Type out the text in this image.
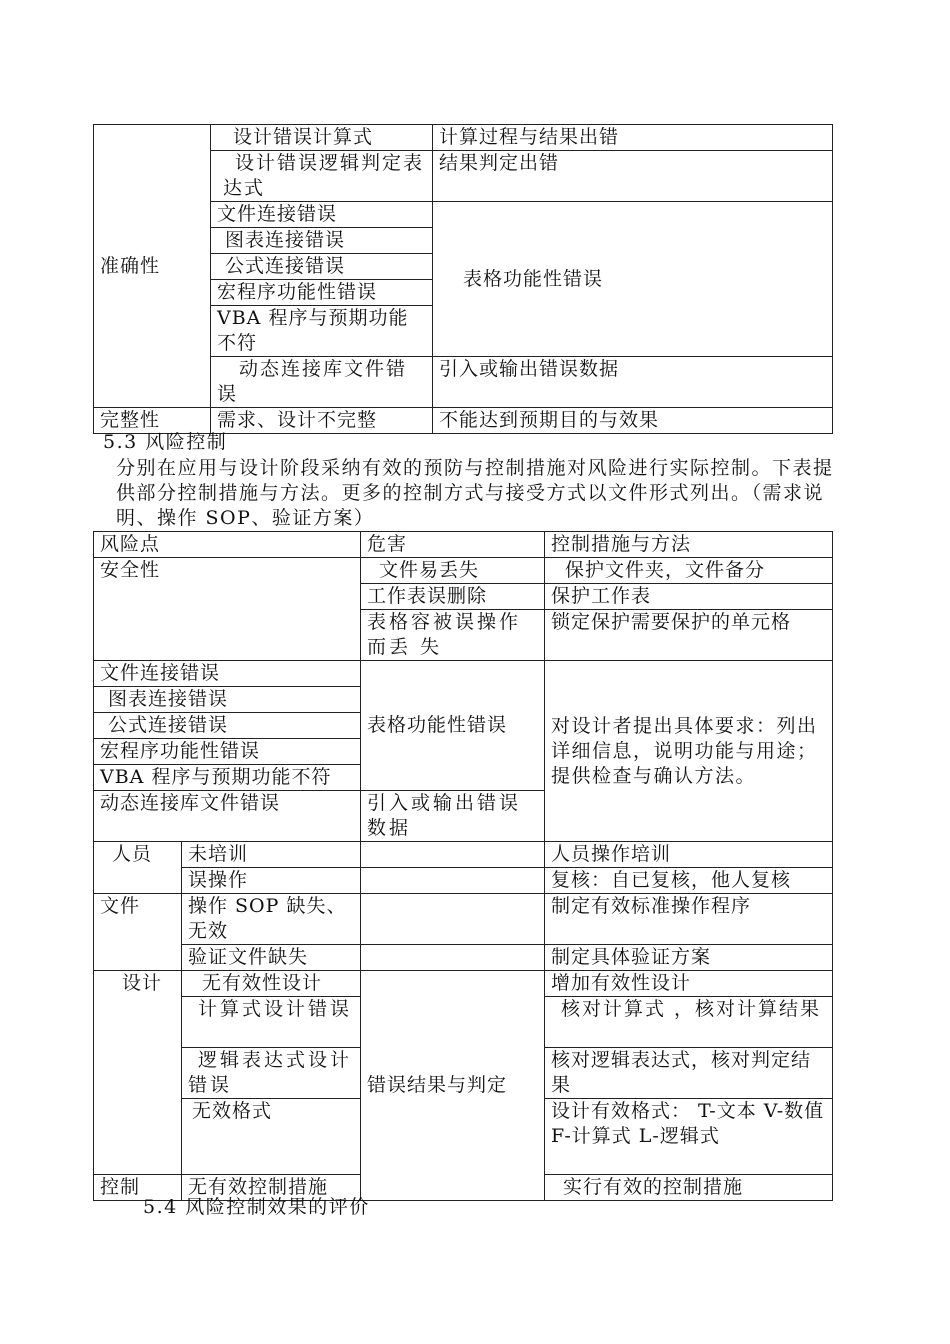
准确性	设计错误计算式	计算过程与结果出错
	设计错误逻辑判定表达式	结果判定出错
	文件连接错误	表格功能性错误
	图表连接错误	
	公式连接错误	
	宏程序功能性错误	
	VBA 程序与预期功能不符	
	动态连接库文件错误	引入或输出错误数据
完整性	需求、设计不完整	不能达到预期目的与效果
5.3 风险控制
分别在应用与设计阶段采纳有效的预防与控制措施对风险进行实际控制。下表提供部分控制措施与方法。更多的控制方式与接受方式以文件形式列出。（需求说明、操作 SOP、验证方案）
风险点		危害	控制措施与方法
安全性		文件易丢失	保护文件夹，文件备分
		工作表误删除	保护工作表
		表格容被误操作而丢 失	锁定保护需要保护的单元格
文件连接错误		表格功能性错误	对设计者提出具体要求：列出详细信息，说明功能与用途；提供检查与确认方法。
图表连接错误			
公式连接错误			
宏程序功能性错误			
VBA 程序与预期功能不符			
动态连接库文件错误		引入或输出错误数据	
人员	未培训		人员操作培训
	误操作		复核：自已复核，他人复核
文件	操作 SOP 缺失、无效		制定有效标准操作程序
	验证文件缺失		制定具体验证方案
设计	无有效性设计	错误结果与判定	增加有效性设计
	计算式设计错误		核对计算式 ，核对计算结果
	逻辑表达式设计错误		核对逻辑表达式，核对判定结果
	无效格式		设计有效格式： T-文本 V-数值 F-计算式 L-逻辑式
控制	无有效控制措施		实行有效的控制措施
5.4 风险控制效果的评价
